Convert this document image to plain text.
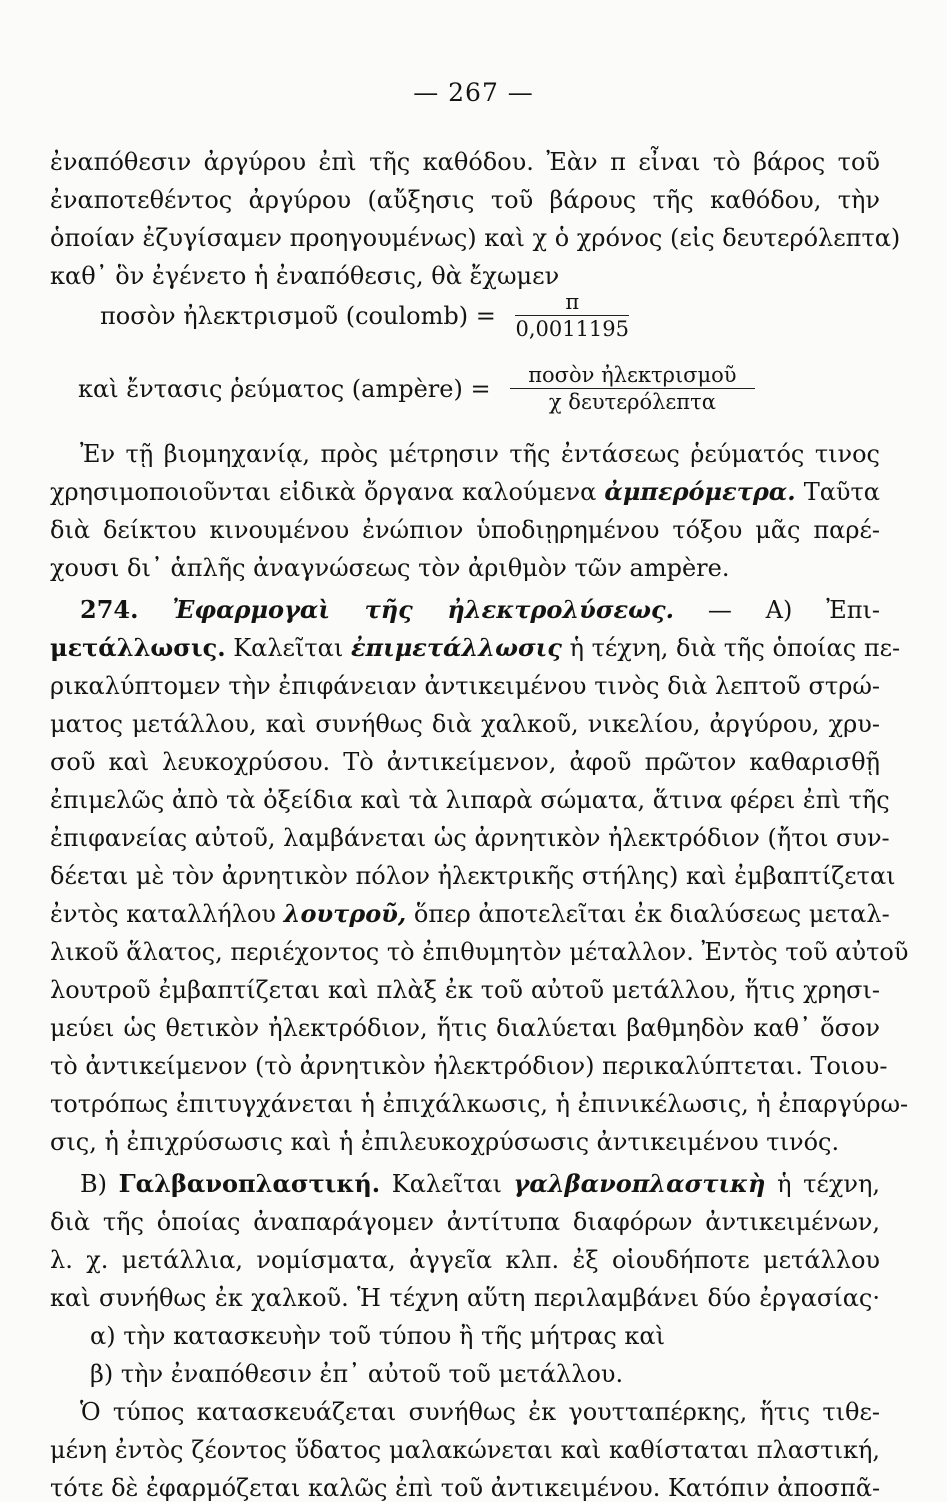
— 267 —
ἐναπόθεσιν ἀργύρου ἐπὶ τῆς καθόδου. Ἐὰν π εἶναι τὸ βάρος τοῦ
ἐναποτεθέντος ἀργύρου (αὔξησις τοῦ βάρους τῆς καθόδου, τὴν
ὁποίαν ἐζυγίσαμεν προηγουμένως) καὶ χ ὁ χρόνος (εἰς δευτερόλεπτα)
καθ᾽ ὃν ἐγένετο ἡ ἐναπόθεσις, θὰ ἔχωμεν
ποσὸν ἠλεκτρισμοῦ (coulomb) = $\frac{\pi}{0,0011195}$
καὶ ἔντασις ῥεύματος (ampère) = $\frac{\text{ποσὸν ἠλεκτρισμοῦ}}{\text{χ δευτερόλεπτα}}$
Ἐν τῇ βιομηχανίᾳ, πρὸς μέτρησιν τῆς ἐντάσεως ῥεύματός τινος
χρησιμοποιοῦνται εἰδικὰ ὄργανα καλούμενα ἀμπερόμετρα. Ταῦτα
διὰ δείκτου κινουμένου ἐνώπιον ὑποδιῃρημένου τόξου μᾶς παρέ-
χουσι δι᾽ ἁπλῆς ἀναγνώσεως τὸν ἀριθμὸν τῶν ampère.
274. Ἐφαρμογαὶ τῆς ἠλεκτρολύσεως. — Α) Ἐπι-
μετάλλωσις. Καλεῖται ἐπιμετάλλωσις ἡ τέχνη, διὰ τῆς ὁποίας πε-
ρικαλύπτομεν τὴν ἐπιφάνειαν ἀντικειμένου τινὸς διὰ λεπτοῦ στρώ-
ματος μετάλλου, καὶ συνήθως διὰ χαλκοῦ, νικελίου, ἀργύρου, χρυ-
σοῦ καὶ λευκοχρύσου. Τὸ ἀντικείμενον, ἀφοῦ πρῶτον καθαρισθῇ
ἐπιμελῶς ἀπὸ τὰ ὀξείδια καὶ τὰ λιπαρὰ σώματα, ἅτινα φέρει ἐπὶ τῆς
ἐπιφανείας αὐτοῦ, λαμβάνεται ὡς ἀρνητικὸν ἠλεκτρόδιον (ἤτοι συν-
δέεται μὲ τὸν ἀρνητικὸν πόλον ἠλεκτρικῆς στήλης) καὶ ἐμβαπτίζεται
ἐντὸς καταλλήλου λουτροῦ, ὅπερ ἀποτελεῖται ἐκ διαλύσεως μεταλ-
λικοῦ ἅλατος, περιέχοντος τὸ ἐπιθυμητὸν μέταλλον. Ἐντὸς τοῦ αὐτοῦ
λουτροῦ ἐμβαπτίζεται καὶ πλὰξ ἐκ τοῦ αὐτοῦ μετάλλου, ἥτις χρησι-
μεύει ὡς θετικὸν ἠλεκτρόδιον, ἥτις διαλύεται βαθμηδὸν καθ᾽ ὅσον
τὸ ἀντικείμενον (τὸ ἀρνητικὸν ἠλεκτρόδιον) περικαλύπτεται. Τοιου-
τοτρόπως ἐπιτυγχάνεται ἡ ἐπιχάλκωσις, ἡ ἐπινικέλωσις, ἡ ἐπαργύρω-
σις, ἡ ἐπιχρύσωσις καὶ ἡ ἐπιλευκοχρύσωσις ἀντικειμένου τινός.
Β) Γαλβανοπλαστική. Καλεῖται γαλβανοπλαστικὴ ἡ τέχνη,
διὰ τῆς ὁποίας ἀναπαράγομεν ἀντίτυπα διαφόρων ἀντικειμένων,
λ. χ. μετάλλια, νομίσματα, ἀγγεῖα κλπ. ἐξ οἱουδήποτε μετάλλου
καὶ συνήθως ἐκ χαλκοῦ. Ἡ τέχνη αὕτη περιλαμβάνει δύο ἐργασίας·
α) τὴν κατασκευὴν τοῦ τύπου ἢ τῆς μήτρας καὶ
β) τὴν ἐναπόθεσιν ἐπ᾽ αὐτοῦ τοῦ μετάλλου.
Ὁ τύπος κατασκευάζεται συνήθως ἐκ γουτταπέρκης, ἥτις τιθε-
μένη ἐντὸς ζέοντος ὕδατος μαλακώνεται καὶ καθίσταται πλαστική,
τότε δὲ ἐφαρμόζεται καλῶς ἐπὶ τοῦ ἀντικειμένου. Κατόπιν ἀποσπᾶ-
